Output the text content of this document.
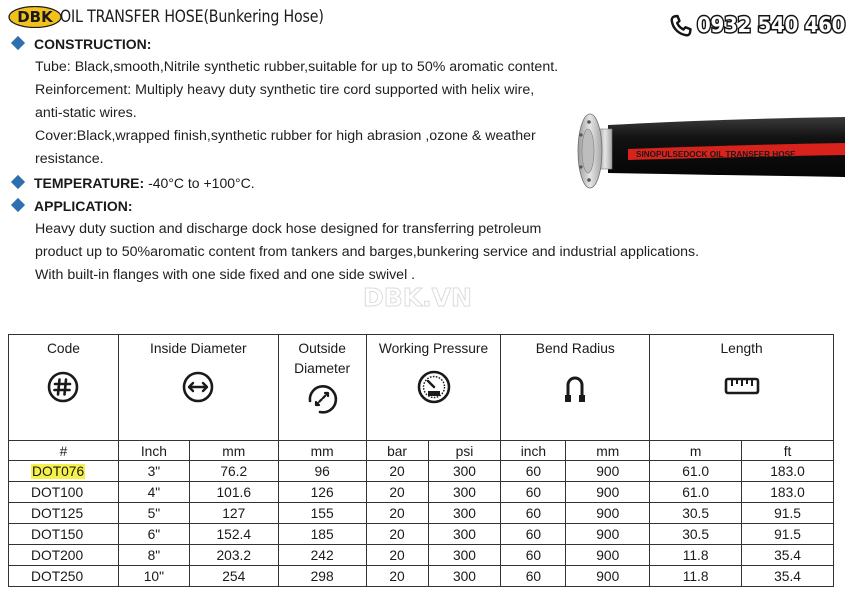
DBK OIL TRANSFER HOSE(Bunkering Hose)	0932 540 460
CONSTRUCTION:
Tube: Black,smooth,Nitrile synthetic rubber,suitable for up to 50% aromatic content.
Reinforcement: Multiply heavy duty synthetic tire cord supported with helix wire,
anti-static wires.
Cover:Black,wrapped finish,synthetic rubber for high abrasion ,ozone & weather
resistance.
TEMPERATURE: -40°C to +100°C.
APPLICATION:
Heavy duty suction and discharge dock hose designed for transferring petroleum
product up to 50%aromatic content from tankers and barges,bunkering service and industrial applications.
With built-in flanges with one side fixed and one side swivel .
DBK.VN
SINOPULSEDOCK OIL TRANSFER HOSE
Code	Inside Diameter		Outside
Diameter	Working Pressure		Bend Radius		Length	

#	Inch	mm	mm	bar	psi	inch	mm	m	ft
DOT076	3"	76.2	96	20	300	60	900	61.0	183.0
DOT100	4"	101.6	126	20	300	60	900	61.0	183.0
DOT125	5"	127	155	20	300	60	900	30.5	91.5
DOT150	6"	152.4	185	20	300	60	900	30.5	91.5
DOT200	8"	203.2	242	20	300	60	900	11.8	35.4
DOT250	10"	254	298	20	300	60	900	11.8	35.4
